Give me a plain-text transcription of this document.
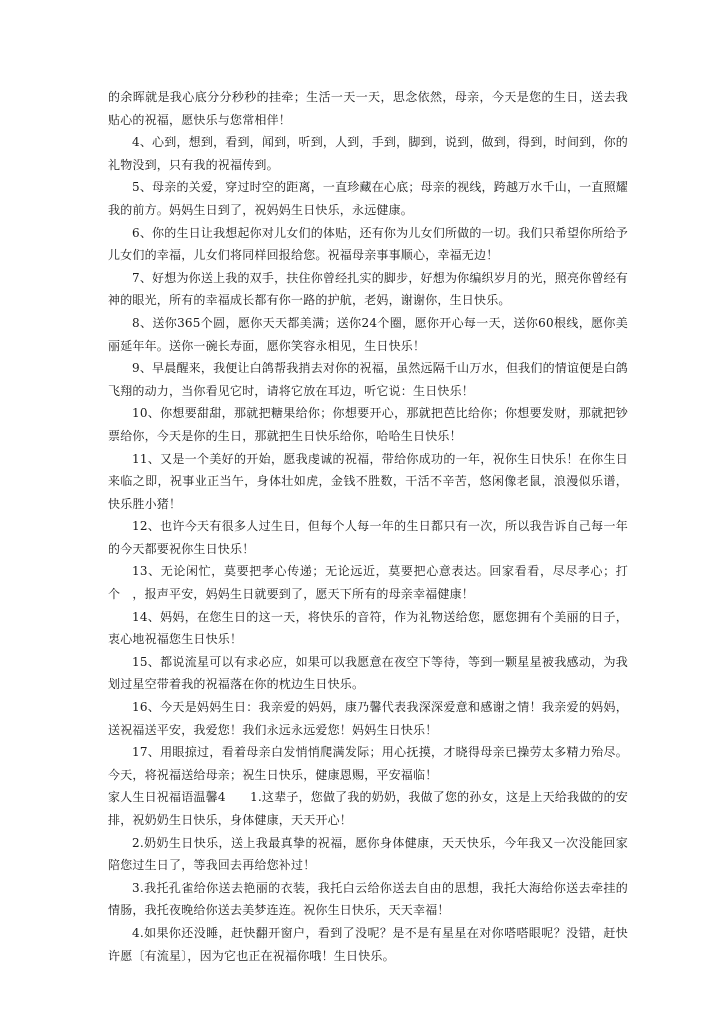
的余晖就是我心底分分秒秒的挂牵；生活一天一天，思念依然，母亲，今天是您的生日，送去我贴心的祝福，愿快乐与您常相伴！

4、心到，想到，看到，闻到，听到，人到，手到，脚到，说到，做到，得到，时间到，你的礼物没到，只有我的祝福传到。

5、母亲的关爱，穿过时空的距离，一直珍藏在心底；母亲的视线，跨越万水千山，一直照耀我的前方。妈妈生日到了，祝妈妈生日快乐，永远健康。

6、你的生日让我想起你对儿女们的体贴，还有你为儿女们所做的一切。我们只希望你所给予儿女们的幸福，儿女们将同样回报给您。祝福母亲事事顺心，幸福无边！

7、好想为你送上我的双手，扶住你曾经扎实的脚步，好想为你编织岁月的光，照亮你曾经有神的眼光，所有的幸福成长都有你一路的护航，老妈，谢谢你，生日快乐。

8、送你365个圆，愿你天天都美满；送你24个圈，愿你开心每一天，送你60根线，愿你美丽延年年。送你一碗长寿面，愿你笑容永相见，生日快乐！

9、早晨醒来，我便让白鸽帮我捎去对你的祝福，虽然远隔千山万水，但我们的情谊便是白鸽飞翔的动力，当你看见它时，请将它放在耳边，听它说：生日快乐！

10、你想要甜甜，那就把糖果给你；你想要开心，那就把芭比给你；你想要发财，那就把钞票给你，今天是你的生日，那就把生日快乐给你，哈哈生日快乐！

11、又是一个美好的开始，愿我虔诚的祝福，带给你成功的一年，祝你生日快乐！在你生日来临之即，祝事业正当午，身体壮如虎，金钱不胜数，干活不辛苦，悠闲像老鼠，浪漫似乐谱，快乐胜小猪！

12、也许今天有很多人过生日，但每个人每一年的生日都只有一次，所以我告诉自己每一年的今天都要祝你生日快乐！

13、无论闲忙，莫要把孝心传递；无论远近，莫要把心意表达。回家看看，尽尽孝心；打个　，报声平安，妈妈生日就要到了，愿天下所有的母亲幸福健康！

14、妈妈，在您生日的这一天，将快乐的音符，作为礼物送给您，愿您拥有个美丽的日子，衷心地祝福您生日快乐！

15、都说流星可以有求必应，如果可以我愿意在夜空下等待，等到一颗星星被我感动，为我划过星空带着我的祝福落在你的枕边生日快乐。

16、今天是妈妈生日：我亲爱的妈妈，康乃馨代表我深深爱意和感谢之情！我亲爱的妈妈，送祝福送平安，我爱您！我们永远永远爱您！妈妈生日快乐！

17、用眼掠过，看着母亲白发悄悄爬满发际；用心抚摸，才晓得母亲已操劳太多精力殆尽。今天，将祝福送给母亲；祝生日快乐，健康恩赐，平安福临！

家人生日祝福语温馨4　　 1.这辈子，您做了我的奶奶，我做了您的孙女，这是上天给我做的的安排，祝奶奶生日快乐，身体健康，天天开心！

2.奶奶生日快乐，送上我最真挚的祝福，愿你身体健康，天天快乐，今年我又一次没能回家陪您过生日了，等我回去再给您补过！

3.我托孔雀给你送去艳丽的衣装，我托白云给你送去自由的思想，我托大海给你送去牵挂的情肠，我托夜晚给你送去美梦连连。祝你生日快乐，天天幸福！

4.如果你还没睡，赶快翻开窗户，看到了没呢？是不是有星星在对你嗒嗒眼呢？没错，赶快许愿〔有流星〕，因为它也正在祝福你哦！生日快乐。
